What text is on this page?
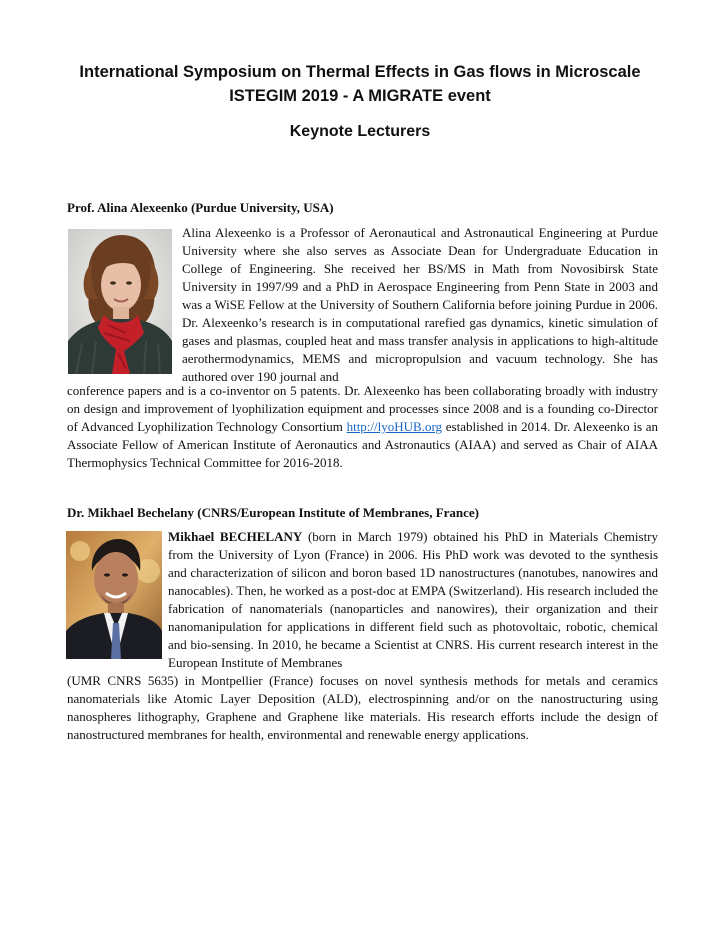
International Symposium on Thermal Effects in Gas flows in Microscale
ISTEGIM 2019 - A MIGRATE event
Keynote Lecturers
Prof. Alina Alexeenko (Purdue University, USA)

Alina Alexeenko is a Professor of Aeronautical and Astronautical Engineering at Purdue University where she also serves as Associate Dean for Undergraduate Education in College of Engineering. She received her BS/MS in Math from Novosibirsk State University in 1997/99 and a PhD in Aerospace Engineering from Penn State in 2003 and was a WiSE Fellow at the University of Southern California before joining Purdue in 2006. Dr. Alexeenko’s research is in computational rarefied gas dynamics, kinetic simulation of gases and plasmas, coupled heat and mass transfer analysis in applications to high-altitude aerothermodynamics, MEMS and micropropulsion and vacuum technology. She has authored over 190 journal and

conference papers and is a co-inventor on 5 patents. Dr. Alexeenko has been collaborating broadly with industry on design and improvement of lyophilization equipment and processes since 2008 and is a founding co-Director of Advanced Lyophilization Technology Consortium http://lyoHUB.org established in 2014. Dr. Alexeenko is an Associate Fellow of American Institute of Aeronautics and Astronautics (AIAA) and served as Chair of AIAA Thermophysics Technical Committee for 2016-2018.

Dr. Mikhael Bechelany (CNRS/European Institute of Membranes, France)

Mikhael BECHELANY (born in March 1979) obtained his PhD in Materials Chemistry from the University of Lyon (France) in 2006. His PhD work was devoted to the synthesis and characterization of silicon and boron based 1D nanostructures (nanotubes, nanowires and nanocables). Then, he worked as a post-doc at EMPA (Switzerland). His research included the fabrication of nanomaterials (nanoparticles and nanowires), their organization and their nanomanipulation for applications in different field such as photovoltaic, robotic, chemical and bio-sensing. In 2010, he became a Scientist at CNRS. His current research interest in the European Institute of Membranes

(UMR CNRS 5635) in Montpellier (France) focuses on novel synthesis methods for metals and ceramics nanomaterials like Atomic Layer Deposition (ALD), electrospinning and/or on the nanostructuring using nanospheres lithography, Graphene and Graphene like materials. His research efforts include the design of nanostructured membranes for health, environmental and renewable energy applications.
